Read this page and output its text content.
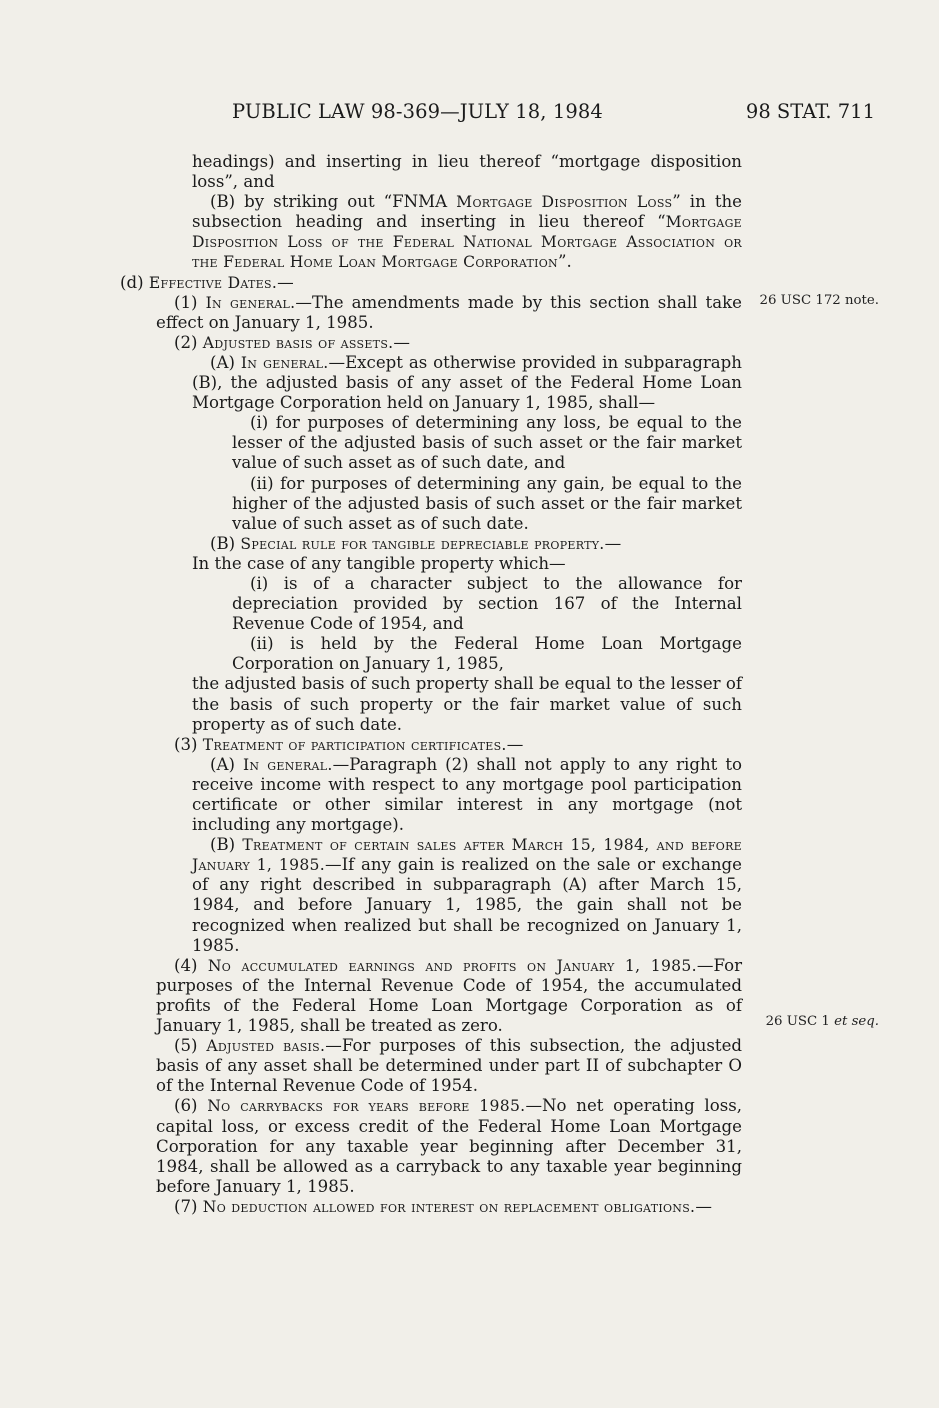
PUBLIC LAW 98-369—JULY 18, 1984	98 STAT. 711
26 USC 172 note.
26 USC 1 et seq.

headings) and inserting in lieu thereof “mortgage disposition loss”, and

(B) by striking out “FNMA Mortgage Disposition Loss” in the subsection heading and inserting in lieu thereof “Mortgage Disposition Loss of the Federal National Mortgage Association or the Federal Home Loan Mortgage Corporation”.

(d) Effective Dates.—

(1) In general.—The amendments made by this section shall take effect on January 1, 1985.

(2) Adjusted basis of assets.—

(A) In general.—Except as otherwise provided in subparagraph (B), the adjusted basis of any asset of the Federal Home Loan Mortgage Corporation held on January 1, 1985, shall—

(i) for purposes of determining any loss, be equal to the lesser of the adjusted basis of such asset or the fair market value of such asset as of such date, and

(ii) for purposes of determining any gain, be equal to the higher of the adjusted basis of such asset or the fair market value of such asset as of such date.

(B) Special rule for tangible depreciable property.—

In the case of any tangible property which—

(i) is of a character subject to the allowance for depreciation provided by section 167 of the Internal Revenue Code of 1954, and

(ii) is held by the Federal Home Loan Mortgage Corporation on January 1, 1985,

the adjusted basis of such property shall be equal to the lesser of the basis of such property or the fair market value of such property as of such date.

(3) Treatment of participation certificates.—

(A) In general.—Paragraph (2) shall not apply to any right to receive income with respect to any mortgage pool participation certificate or other similar interest in any mortgage (not including any mortgage).

(B) Treatment of certain sales after March 15, 1984, and before January 1, 1985.—If any gain is realized on the sale or exchange of any right described in subparagraph (A) after March 15, 1984, and before January 1, 1985, the gain shall not be recognized when realized but shall be recognized on January 1, 1985.

(4) No accumulated earnings and profits on January 1, 1985.—For purposes of the Internal Revenue Code of 1954, the accumulated profits of the Federal Home Loan Mortgage Corporation as of January 1, 1985, shall be treated as zero.

(5) Adjusted basis.—For purposes of this subsection, the adjusted basis of any asset shall be determined under part II of subchapter O of the Internal Revenue Code of 1954.

(6) No carrybacks for years before 1985.—No net operating loss, capital loss, or excess credit of the Federal Home Loan Mortgage Corporation for any taxable year beginning after December 31, 1984, shall be allowed as a carryback to any taxable year beginning before January 1, 1985.

(7) No deduction allowed for interest on replacement obligations.—
